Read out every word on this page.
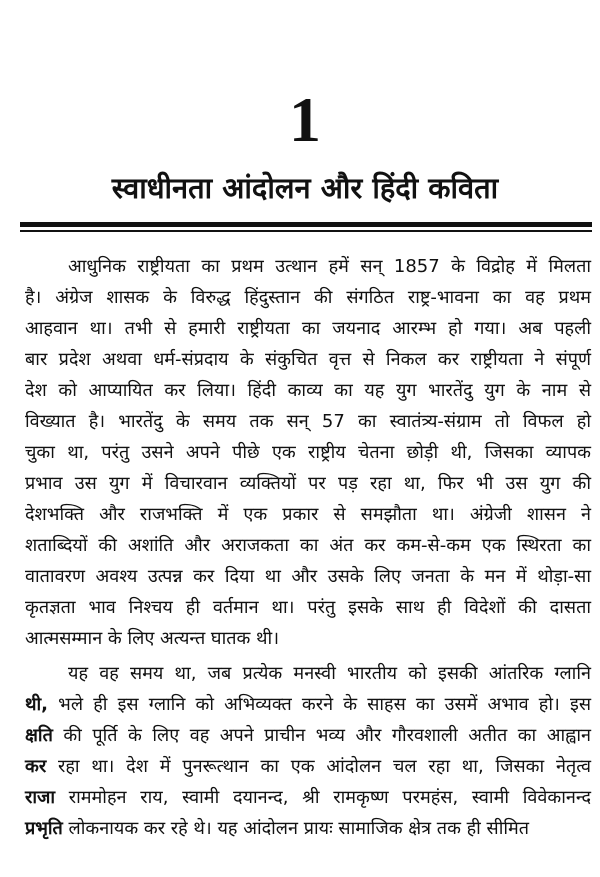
1
स्वाधीनता आंदोलन और हिंदी कविता
आधुनिक राष्ट्रीयता का प्रथम उत्थान हमें सन् 1857 के विद्रोह में मिलता
है। अंग्रेज शासक के विरुद्ध हिंदुस्तान की संगठित राष्ट्र-भावना का वह प्रथम
आहवान था। तभी से हमारी राष्ट्रीयता का जयनाद आरम्भ हो गया। अब पहली
बार प्रदेश अथवा धर्म-संप्रदाय के संकुचित वृत्त से निकल कर राष्ट्रीयता ने संपूर्ण
देश को आप्यायित कर लिया। हिंदी काव्य का यह युग भारतेंदु युग के नाम से
विख्यात है। भारतेंदु के समय तक सन् 57 का स्वातंत्र्य-संग्राम तो विफल हो
चुका था, परंतु उसने अपने पीछे एक राष्ट्रीय चेतना छोड़ी थी, जिसका व्यापक
प्रभाव उस युग में विचारवान व्यक्तियों पर पड़ रहा था, फिर भी उस युग की
देशभक्ति और राजभक्ति में एक प्रकार से समझौता था। अंग्रेजी शासन ने
शताब्दियों की अशांति और अराजकता का अंत कर कम-से-कम एक स्थिरता का
वातावरण अवश्य उत्पन्न कर दिया था और उसके लिए जनता के मन में थोड़ा-सा
कृतज्ञता भाव निश्चय ही वर्तमान था। परंतु इसके साथ ही विदेशों की दासता
आत्मसम्मान के लिए अत्यन्त घातक थी।
यह वह समय था, जब प्रत्येक मनस्वी भारतीय को इसकी आंतरिक ग्लानि
थी, भले ही इस ग्लानि को अभिव्यक्त करने के साहस का उसमें अभाव हो। इस
क्षति की पूर्ति के लिए वह अपने प्राचीन भव्य और गौरवशाली अतीत का आह्वान
कर रहा था। देश में पुनरूत्थान का एक आंदोलन चल रहा था, जिसका नेतृत्व
राजा राममोहन राय, स्वामी दयानन्द, श्री रामकृष्ण परमहंस, स्वामी विवेकानन्द
प्रभृति लोकनायक कर रहे थे। यह आंदोलन प्रायः सामाजिक क्षेत्र तक ही सीमित
